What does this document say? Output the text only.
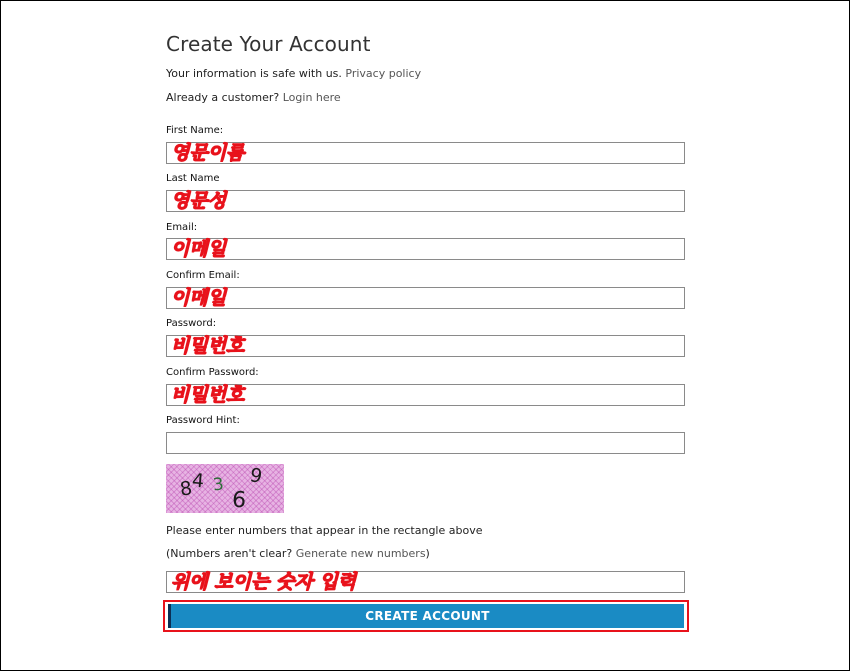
Create Your Account
Your information is safe with us. Privacy policy
Already a customer? Login here
First Name:
영문이름
Last Name
영문성
Email:
이메일
Confirm Email:
이메일
Password:
비밀번호
Confirm Password:
비밀번호
Password Hint:
8
4 3
6
9
Please enter numbers that appear in the rectangle above
(Numbers aren't clear? Generate new numbers)
위에 보이는 숫자 입력
CREATE ACCOUNT
